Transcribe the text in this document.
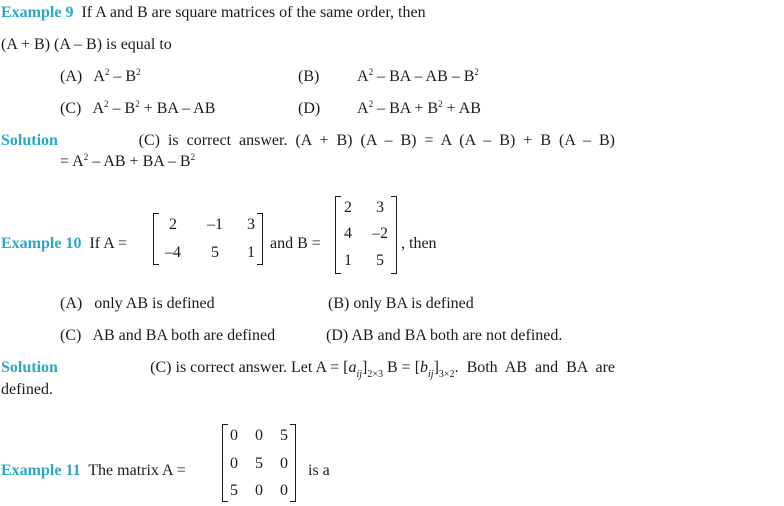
Example 9 If A and B are square matrices of the same order, then
(A + B) (A – B) is equal to
(A) $A^2 - B^2$	(B) $A^2$ – BA – AB – $B^2$
(C) $A^2 - B^2$ + BA – AB	(D) $A^2$ – BA + $B^2$ + AB
Solution	(C) is correct answer. (A + B) (A – B) = A (A – B) + B (A – B)
= $A^2$ – AB + BA – $B^2$
Example 10 If A =
2	–1 3
–4	5	1
and B =
2	3
4 –2
1	5
, then
(A) only AB is defined	(B) only BA is defined
(C) AB and BA both are defined	(D) AB and BA both are not defined.
Solution	(C) is correct answer. Let $A = [a_{ij}]_{2\times 3}$ $B = [b_{ij}]_{3\times 2}$. Both AB and BA are
defined.
Example 11 The matrix A =
0 0 5
0 5 0
5 0 0
is a
